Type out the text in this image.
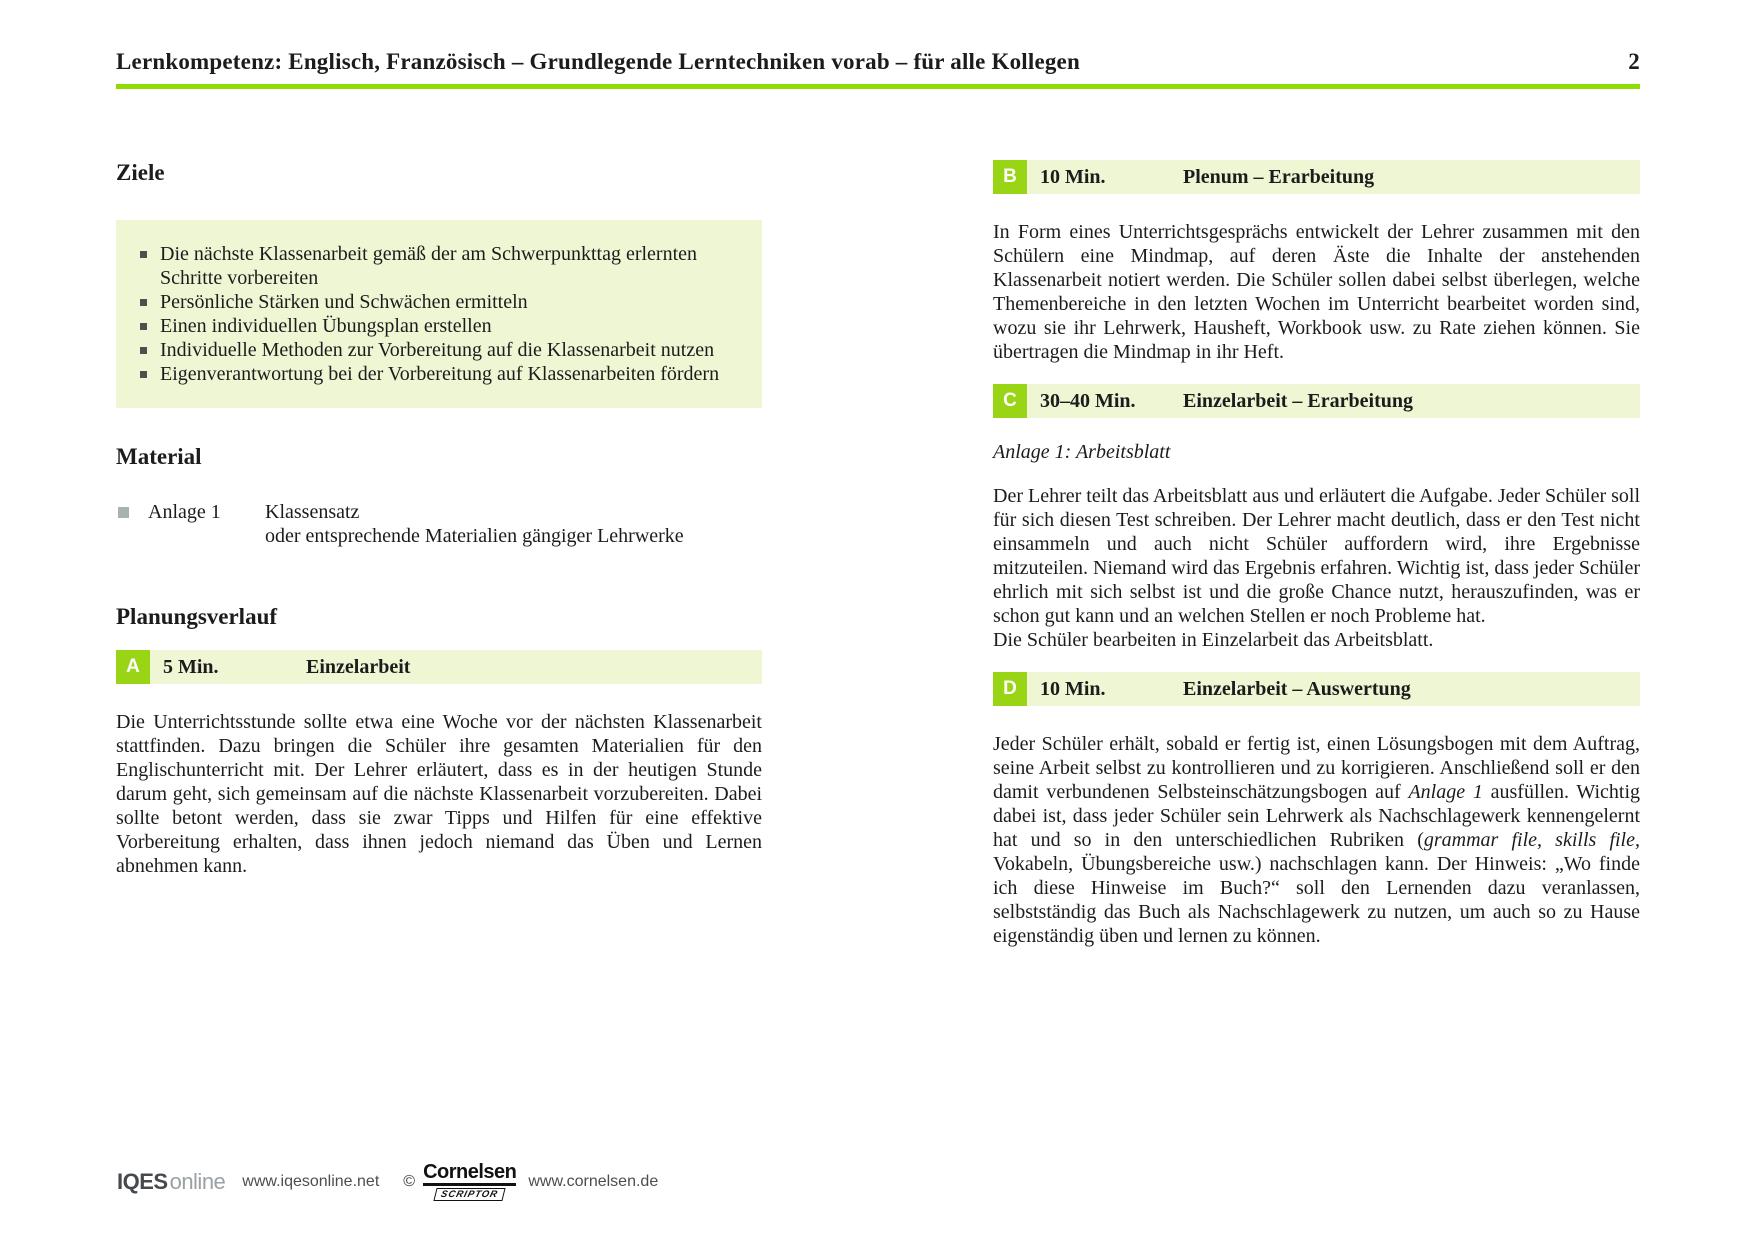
Lernkompetenz: Englisch, Französisch – Grundlegende Lerntechniken vorab – für alle Kollegen	2
Ziele
Die nächste Klassenarbeit gemäß der am Schwerpunkttag erlernten Schritte vorbereiten
Persönliche Stärken und Schwächen ermitteln
Einen individuellen Übungsplan erstellen
Individuelle Methoden zur Vorbereitung auf die Klassenarbeit nutzen
Eigenverantwortung bei der Vorbereitung auf Klassenarbeiten fördern
Material
Anlage 1	Klassensatz
oder entsprechende Materialien gängiger Lehrwerke
Planungsverlauf
A	5 Min.	Einzelarbeit

Die Unterrichtsstunde sollte etwa eine Woche vor der nächsten Klassenarbeit stattfinden. Dazu bringen die Schüler ihre gesamten Materialien für den Englischunterricht mit. Der Lehrer erläutert, dass es in der heutigen Stunde darum geht, sich gemeinsam auf die nächste Klassenarbeit vorzubereiten. Dabei sollte betont werden, dass sie zwar Tipps und Hilfen für eine effektive Vorbereitung erhalten, dass ihnen jedoch niemand das Üben und Lernen abnehmen kann.

B	10 Min.	Plenum – Erarbeitung

In Form eines Unterrichtsgesprächs entwickelt der Lehrer zusammen mit den Schülern eine Mindmap, auf deren Äste die Inhalte der anstehenden Klassenarbeit notiert werden. Die Schüler sollen dabei selbst überlegen, welche Themenbereiche in den letzten Wochen im Unterricht bearbeitet worden sind, wozu sie ihr Lehrwerk, Hausheft, Workbook usw. zu Rate ziehen können. Sie übertragen die Mindmap in ihr Heft.

C	30–40 Min.	Einzelarbeit – Erarbeitung

Anlage 1: Arbeitsblatt

Der Lehrer teilt das Arbeitsblatt aus und erläutert die Aufgabe. Jeder Schüler soll für sich diesen Test schreiben. Der Lehrer macht deutlich, dass er den Test nicht einsammeln und auch nicht Schüler auffordern wird, ihre Ergebnisse mitzuteilen. Niemand wird das Ergebnis erfahren. Wichtig ist, dass jeder Schüler ehrlich mit sich selbst ist und die große Chance nutzt, herauszufinden, was er schon gut kann und an welchen Stellen er noch Probleme hat.
Die Schüler bearbeiten in Einzelarbeit das Arbeitsblatt.

D	10 Min.	Einzelarbeit – Auswertung

Jeder Schüler erhält, sobald er fertig ist, einen Lösungsbogen mit dem Auftrag, seine Arbeit selbst zu kontrollieren und zu korrigieren. Anschließend soll er den damit verbundenen Selbsteinschätzungsbogen auf Anlage 1 ausfüllen. Wichtig dabei ist, dass jeder Schüler sein Lehrwerk als Nachschlagewerk kennengelernt hat und so in den unterschiedlichen Rubriken (grammar file, skills file, Vokabeln, Übungsbereiche usw.) nachschlagen kann. Der Hinweis: „Wo finde ich diese Hinweise im Buch?“ soll den Lernenden dazu veranlassen, selbstständig das Buch als Nachschlagewerk zu nutzen, um auch so zu Hause eigenständig üben und lernen zu können.

IQESonline www.iqesonline.net © Cornelsen
SCRIPTOR
www.cornelsen.de
